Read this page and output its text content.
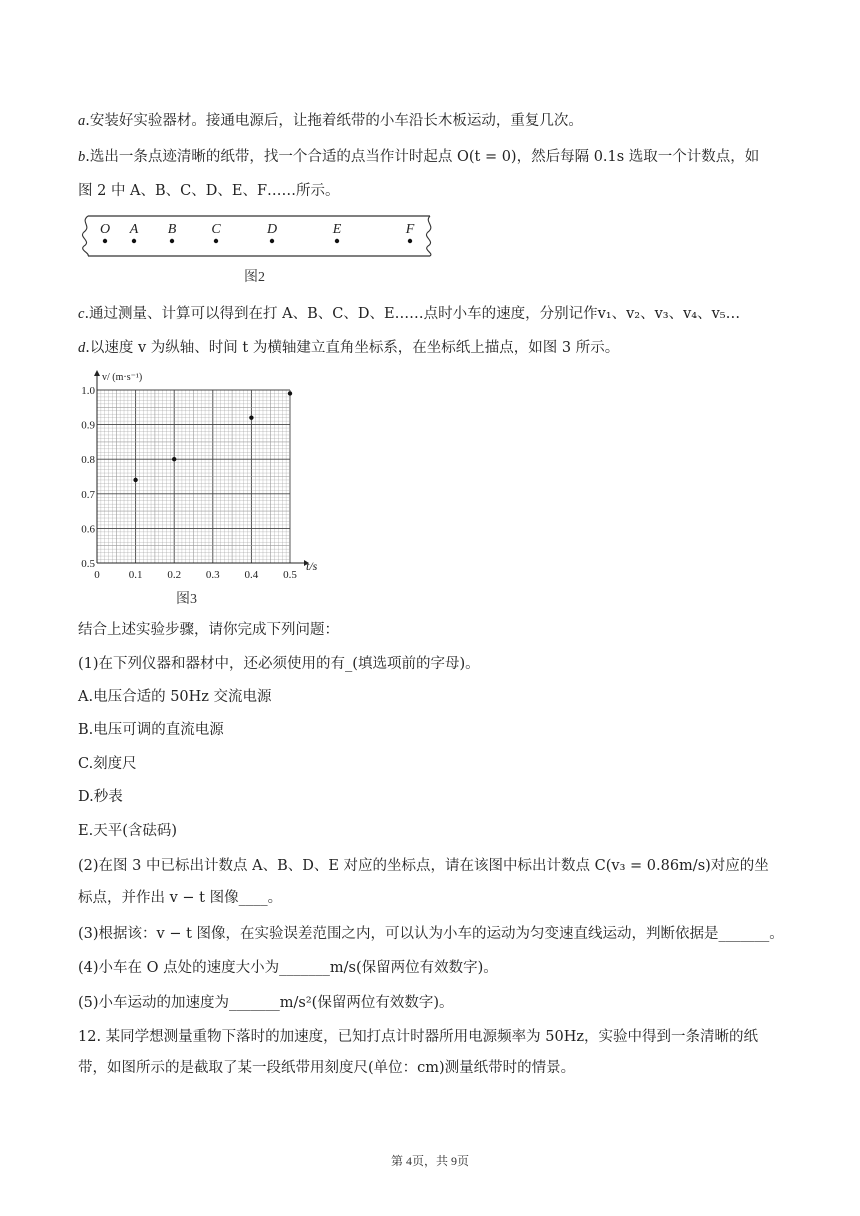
a.安装好实验器材。接通电源后，让拖着纸带的小车沿长木板运动，重复几次。
b.选出一条点迹清晰的纸带，找一个合适的点当作计时起点 O(t = 0)，然后每隔 0.1s 选取一个计数点，如
图 2 中 A、B、C、D、E、F……所示。
O A B	C	D	E	F
图2
c.通过测量、计算可以得到在打 A、B、C、D、E……点时小车的速度，分别记作v₁、v₂、v₃、v₄、v₅…
d.以速度 v 为纵轴、时间 t 为横轴建立直角坐标系，在坐标纸上描点，如图 3 所示。
0	0.1 0.2 0.3 0.4 0.5
0.5
0.6
0.7
0.8
0.9
1.0
v/ (m·s⁻¹)
t/s
图3
结合上述实验步骤，请你完成下列问题：
(1)在下列仪器和器材中，还必须使用的有_(填选项前的字母)。
A.电压合适的 50Hz 交流电源
B.电压可调的直流电源
C.刻度尺
D.秒表
E.天平(含砝码)
(2)在图 3 中已标出计数点 A、B、D、E 对应的坐标点，请在该图中标出计数点 C(v₃ = 0.86m/s)对应的坐
标点，并作出 v − t 图像____。
(3)根据该：v − t 图像，在实验误差范围之内，可以认为小车的运动为匀变速直线运动，判断依据是_______。
(4)小车在 O 点处的速度大小为_______m/s(保留两位有效数字)。
(5)小车运动的加速度为_______m/s²(保留两位有效数字)。
12. 某同学想测量重物下落时的加速度，已知打点计时器所用电源频率为 50Hz，实验中得到一条清晰的纸
带，如图所示的是截取了某一段纸带用刻度尺(单位：cm)测量纸带时的情景。
第 4页，共 9页
